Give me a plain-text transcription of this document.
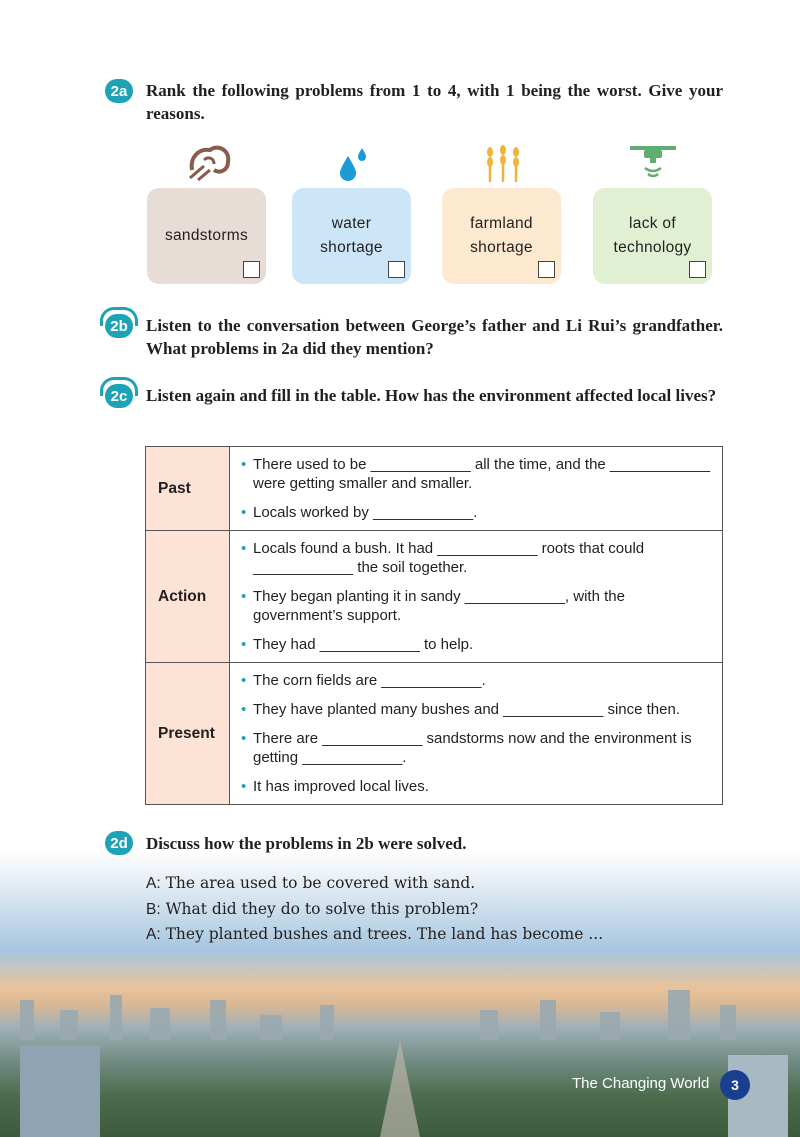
2a	Rank the following problems from 1 to 4, with 1 being the worst. Give your reasons.
sandstorms
water
shortage
farmland
shortage
lack of
technology
2b	Listen to the conversation between George’s father and Li Rui’s grandfather. What problems in 2a did they mention?
2c	Listen again and fill in the table. How has the environment affected local lives?
Past	• There used to be ____________ all the time, and the ____________ were getting smaller and smaller.
• Locals worked by ____________.

Action	• Locals found a bush. It had ____________ roots that could ____________ the soil together.
• They began planting it in sandy ____________, with the government’s support.
• They had ____________ to help.

Present	• The corn fields are ____________.
• They have planted many bushes and ____________ since then.
• There are ____________ sandstorms now and the environment is getting ____________.
• It has improved local lives.
2d	Discuss how the problems in 2b were solved.
A: The area used to be covered with sand.
B: What did they do to solve this problem?
A: They planted bushes and trees. The land has become ...
The Changing World	3
